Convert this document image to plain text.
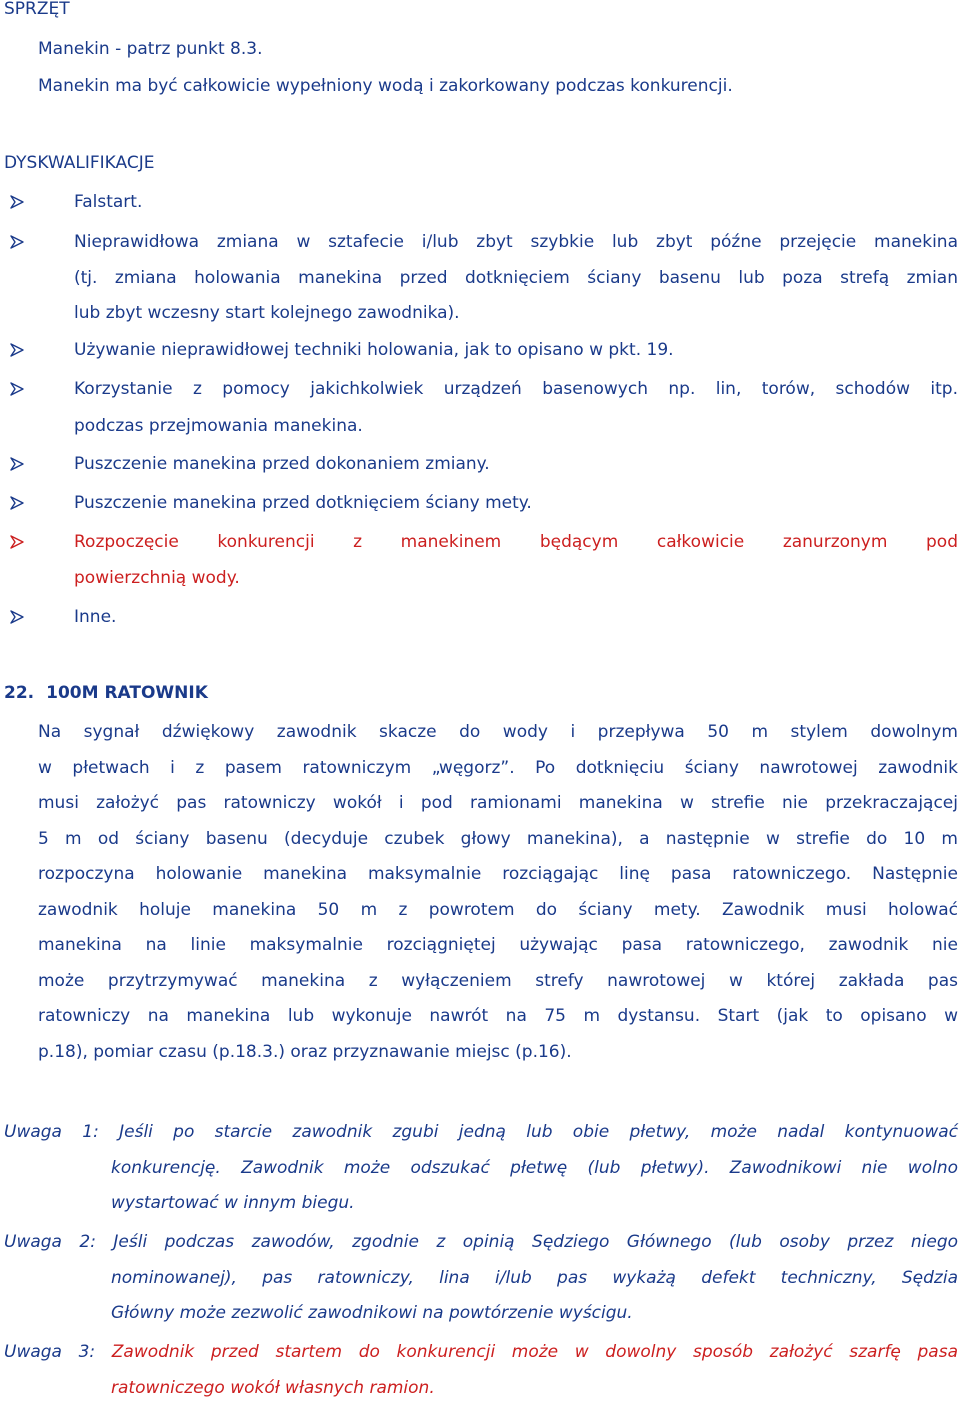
SPRZĘT
Manekin - patrz punkt 8.3.
Manekin ma być całkowicie wypełniony wodą i zakorkowany podczas konkurencji.
DYSKWALIFIKACJE
Falstart.
Nieprawidłowa zmiana w sztafecie i/lub zbyt szybkie lub zbyt późne przejęcie manekina
(tj. zmiana holowania manekina przed dotknięciem ściany basenu lub poza strefą zmian
lub zbyt wczesny start kolejnego zawodnika).
Używanie nieprawidłowej techniki holowania, jak to opisano w pkt. 19.
Korzystanie z pomocy jakichkolwiek urządzeń basenowych np. lin, torów, schodów itp.
podczas przejmowania manekina.
Puszczenie manekina przed dokonaniem zmiany.
Puszczenie manekina przed dotknięciem ściany mety.
Rozpoczęcie konkurencji z manekinem będącym całkowicie zanurzonym pod
powierzchnią wody.
Inne.
22. 100M RATOWNIK
Na sygnał dźwiękowy zawodnik skacze do wody i przepływa 50 m stylem dowolnym
w płetwach i z pasem ratowniczym „węgorz”. Po dotknięciu ściany nawrotowej zawodnik
musi założyć pas ratowniczy wokół i pod ramionami manekina w strefie nie przekraczającej
5 m od ściany basenu (decyduje czubek głowy manekina), a następnie w strefie do 10 m
rozpoczyna holowanie manekina maksymalnie rozciągając linę pasa ratowniczego. Następnie
zawodnik holuje manekina 50 m z powrotem do ściany mety. Zawodnik musi holować
manekina na linie maksymalnie rozciągniętej używając pasa ratowniczego, zawodnik nie
może przytrzymywać manekina z wyłączeniem strefy nawrotowej w której zakłada pas
ratowniczy na manekina lub wykonuje nawrót na 75 m dystansu. Start (jak to opisano w
p.18), pomiar czasu (p.18.3.) oraz przyznawanie miejsc (p.16).
Uwaga 1: Jeśli po starcie zawodnik zgubi jedną lub obie płetwy, może nadal kontynuować
konkurencję. Zawodnik może odszukać płetwę (lub płetwy). Zawodnikowi nie wolno
wystartować w innym biegu.
Uwaga 2: Jeśli podczas zawodów, zgodnie z opinią Sędziego Głównego (lub osoby przez niego
nominowanej), pas ratowniczy, lina i/lub pas wykażą defekt techniczny, Sędzia
Główny może zezwolić zawodnikowi na powtórzenie wyścigu.
Uwaga 3: Zawodnik przed startem do konkurencji może w dowolny sposób założyć szarfę pasa
ratowniczego wokół własnych ramion.
